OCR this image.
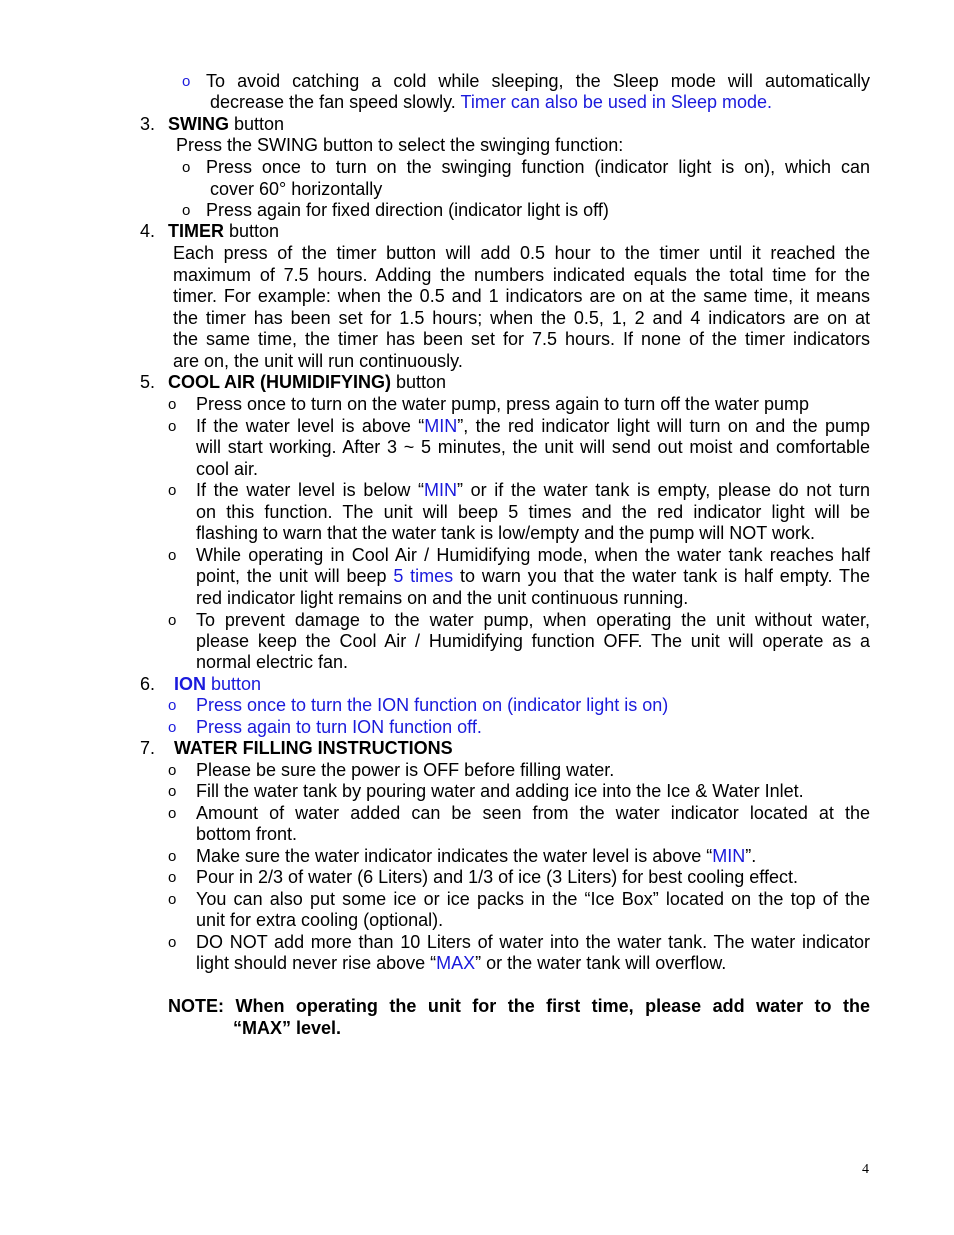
o To avoid catching a cold while sleeping, the Sleep mode will automatically
decrease the fan speed slowly. Timer can also be used in Sleep mode.
3. SWING button
Press the SWING button to select the swinging function:
o Press once to turn on the swinging function (indicator light is on), which can
cover 60° horizontally
o Press again for fixed direction (indicator light is off)
4. TIMER button
Each press of the timer button will add 0.5 hour to the timer until it reached the
maximum of 7.5 hours. Adding the numbers indicated equals the total time for the
timer. For example: when the 0.5 and 1 indicators are on at the same time, it means
the timer has been set for 1.5 hours; when the 0.5, 1, 2 and 4 indicators are on at
the same time, the timer has been set for 7.5 hours. If none of the timer indicators
are on, the unit will run continuously.
5. COOL AIR (HUMIDIFYING) button
o Press once to turn on the water pump, press again to turn off the water pump
o If the water level is above “MIN”, the red indicator light will turn on and the pump
will start working. After 3 ~ 5 minutes, the unit will send out moist and comfortable
cool air.
o If the water level is below “MIN” or if the water tank is empty, please do not turn
on this function. The unit will beep 5 times and the red indicator light will be
flashing to warn that the water tank is low/empty and the pump will NOT work.
o While operating in Cool Air / Humidifying mode, when the water tank reaches half
point, the unit will beep 5 times to warn you that the water tank is half empty. The
red indicator light remains on and the unit continuous running.
o To prevent damage to the water pump, when operating the unit without water,
please keep the Cool Air / Humidifying function OFF. The unit will operate as a
normal electric fan.
6. ION button
o Press once to turn the ION function on (indicator light is on)
o Press again to turn ION function off.
7. WATER FILLING INSTRUCTIONS
o Please be sure the power is OFF before filling water.
o Fill the water tank by pouring water and adding ice into the Ice & Water Inlet.
o Amount of water added can be seen from the water indicator located at the
bottom front.
o Make sure the water indicator indicates the water level is above “MIN”.
o Pour in 2/3 of water (6 Liters) and 1/3 of ice (3 Liters) for best cooling effect.
o You can also put some ice or ice packs in the “Ice Box” located on the top of the
unit for extra cooling (optional).
o DO NOT add more than 10 Liters of water into the water tank. The water indicator
light should never rise above “MAX” or the water tank will overflow.
NOTE: When operating the unit for the first time, please add water to the
“MAX” level.
4
